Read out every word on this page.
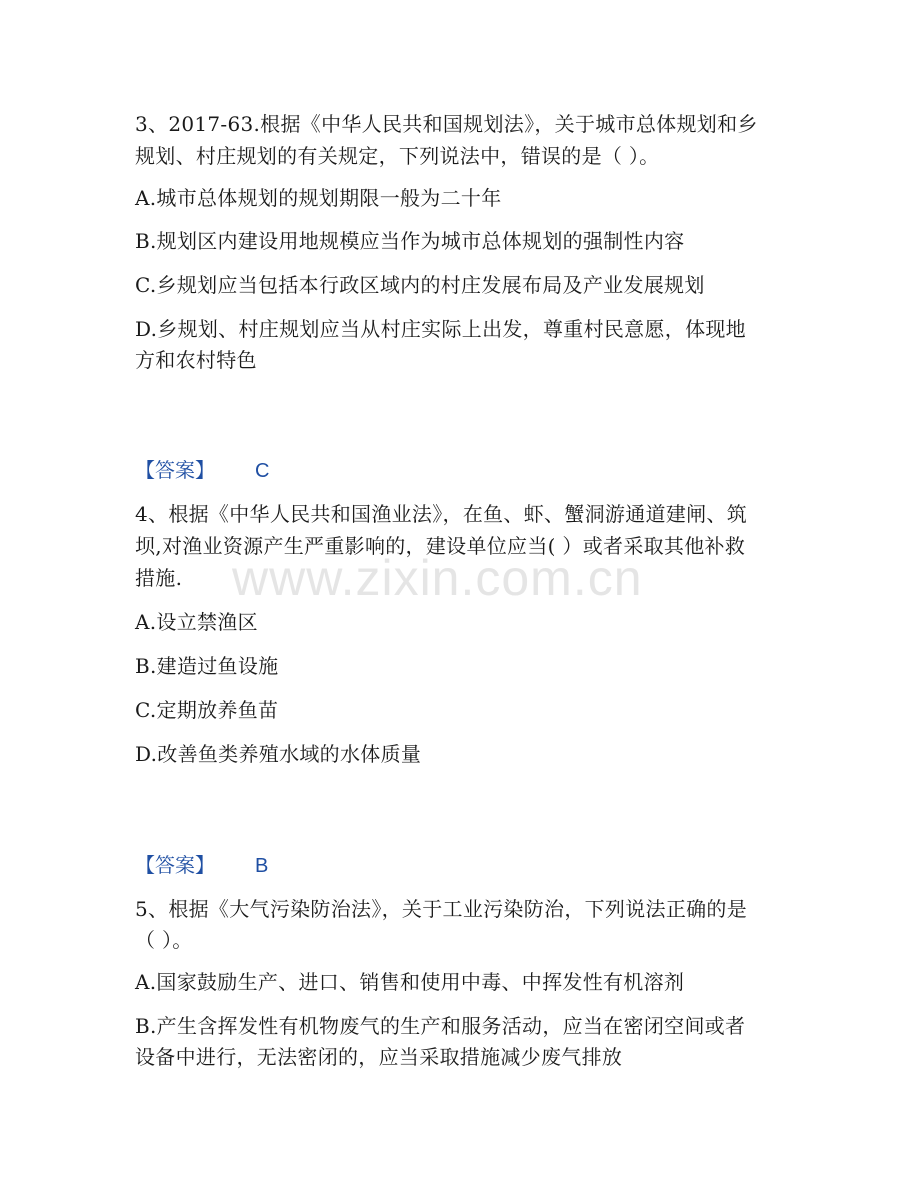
www.zixin.com.cn
3、2017-63.根据《中华人民共和国规划法》，关于城市总体规划和乡
规划、村庄规划的有关规定，下列说法中，错误的是（ ）。
A.城市总体规划的规划期限一般为二十年
B.规划区内建设用地规模应当作为城市总体规划的强制性内容
C.乡规划应当包括本行政区域内的村庄发展布局及产业发展规划
D.乡规划、村庄规划应当从村庄实际上出发，尊重村民意愿，体现地
方和农村特色
【答案】 C
4、根据《中华人民共和国渔业法》，在鱼、虾、蟹洞游通道建闸、筑
坝,对渔业资源产生严重影响的，建设单位应当( ）或者采取其他补救
措施.
A.设立禁渔区
B.建造过鱼设施
C.定期放养鱼苗
D.改善鱼类养殖水域的水体质量
【答案】 B
5、根据《大气污染防治法》，关于工业污染防治，下列说法正确的是
（ ）。
A.国家鼓励生产、进口、销售和使用中毒、中挥发性有机溶剂
B.产生含挥发性有机物废气的生产和服务活动，应当在密闭空间或者
设备中进行，无法密闭的，应当采取措施减少废气排放
